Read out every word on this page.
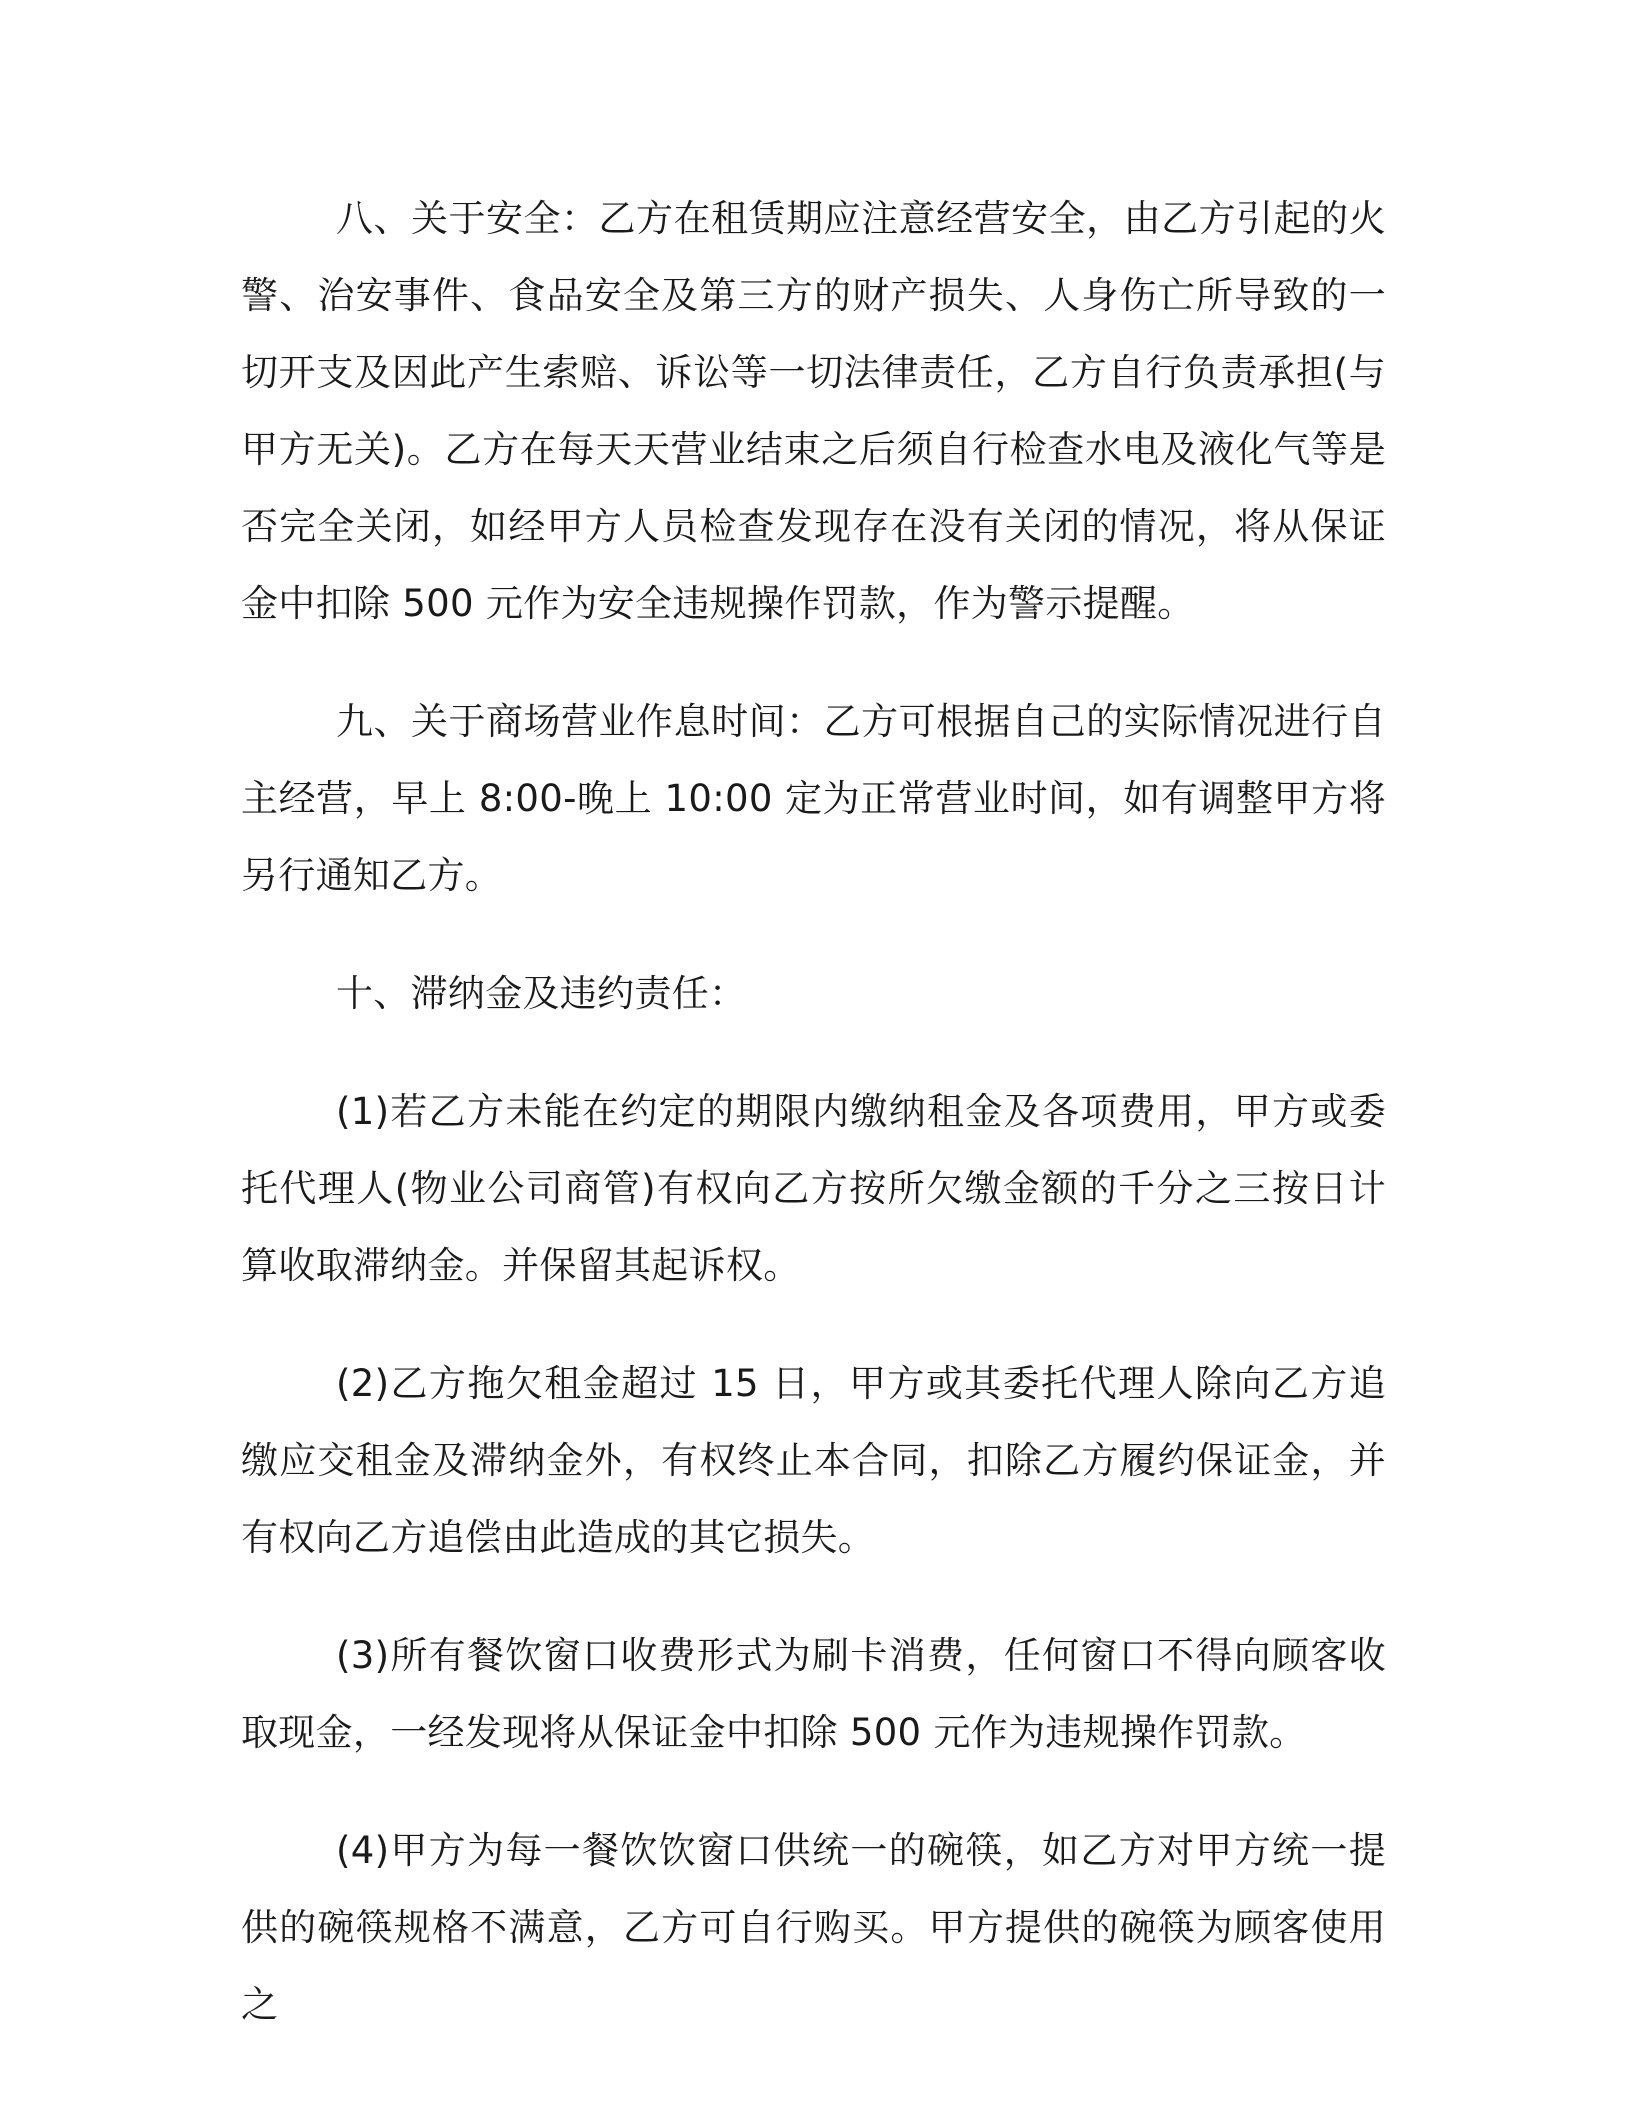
八、关于安全：乙方在租赁期应注意经营安全，由乙方引起的火警、治安事件、食品安全及第三方的财产损失、人身伤亡所导致的一切开支及因此产生索赔、诉讼等一切法律责任，乙方自行负责承担(与甲方无关)。乙方在每天天营业结束之后须自行检查水电及液化气等是否完全关闭，如经甲方人员检查发现存在没有关闭的情况，将从保证金中扣除 500 元作为安全违规操作罚款，作为警示提醒。

九、关于商场营业作息时间：乙方可根据自己的实际情况进行自主经营，早上 8:00-晚上 10:00 定为正常营业时间，如有调整甲方将另行通知乙方。

十、滞纳金及违约责任：

(1)若乙方未能在约定的期限内缴纳租金及各项费用，甲方或委托代理人(物业公司商管)有权向乙方按所欠缴金额的千分之三按日计算收取滞纳金。并保留其起诉权。

(2)乙方拖欠租金超过 15 日，甲方或其委托代理人除向乙方追缴应交租金及滞纳金外，有权终止本合同，扣除乙方履约保证金，并有权向乙方追偿由此造成的其它损失。

(3)所有餐饮窗口收费形式为刷卡消费，任何窗口不得向顾客收取现金，一经发现将从保证金中扣除 500 元作为违规操作罚款。

(4)甲方为每一餐饮饮窗口供统一的碗筷，如乙方对甲方统一提供的碗筷规格不满意，乙方可自行购买。甲方提供的碗筷为顾客使用之
